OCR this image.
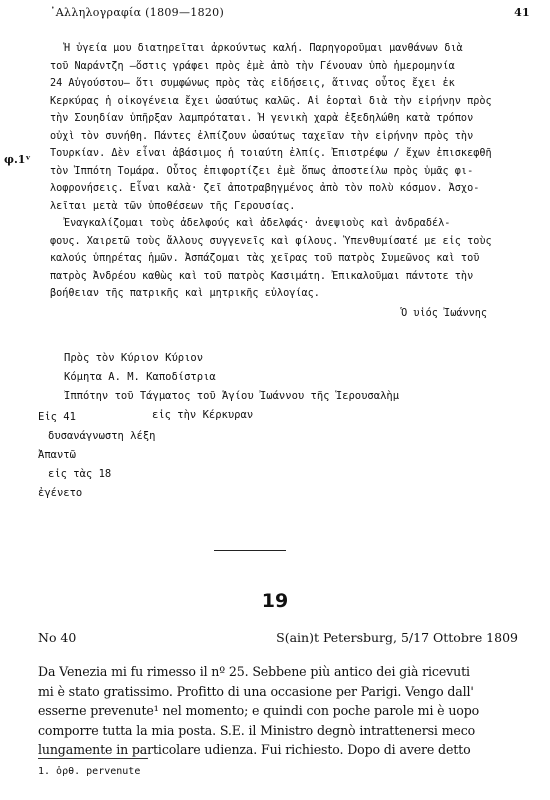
᾿Αλληλογραφία (1809—1820)	41
φ.1ᵛ
Ἡ ὑγεία μου διατηρεῖται ἀρκούντως καλή. Παρηγοροῦμαι μανθάνων διὰ
τοῦ Ναράντζη —ὅστις γράφει πρὸς ἐμὲ ἀπὸ τὴν Γένουαν ὑπὸ ἡμερομηνία
24 Αὐγούστου— ὅτι συμφώνως πρὸς τὰς εἰδήσεις, ἅτινας οὗτος ἔχει ἐκ
Κερκύρας ἡ οἰκογένεια ἔχει ὡσαύτως καλῶς. Αἱ ἑορταὶ διὰ τὴν εἰρήνην πρὸς
τὴν Σουηδίαν ὑπῆρξαν λαμπρόταται. Ἡ γενικὴ χαρὰ ἐξεδηλώθη κατὰ τρόπον
οὐχὶ τὸν συνήθη. Πάντες ἐλπίζουν ὡσαύτως ταχεῖαν τὴν εἰρήνην πρὸς τὴν
Τουρκίαν. Δὲν εἶναι ἀβάσιμος ἡ τοιαύτη ἐλπίς. Ἐπιστρέφω / ἔχων ἐπισκεφθῆ
τὸν Ἱππότη Τομάρα. Οὗτος ἐπιφορτίζει ἐμὲ ὅπως ἀποστείλω πρὸς ὑμᾶς φι-
λοφρονήσεις. Εἶναι καλὰ· ζεῖ ἀποτραβηγμένος ἀπὸ τὸν πολὺ κόσμον. Ἀσχο-
λεῖται μετὰ τῶν ὑποθέσεων τῆς Γερουσίας.
Ἐναγκαλίζομαι τοὺς ἀδελφούς καὶ ἀδελφάς· ἀνεψιοὺς καὶ ἀνδραδέλ-
φους. Χαιρετῶ τοὺς ἄλλους συγγενεῖς καὶ φίλους. Ὑπενθυμίσατέ με εἰς τοὺς
καλούς ὑπηρέτας ἡμῶν. Ἀσπάζομαι τὰς χεῖρας τοῦ πατρὸς Συμεῶνος καὶ τοῦ
πατρὸς Ἀνδρέου καθὼς καὶ τοῦ πατρὸς Κασιμάτη. Ἐπικαλοῦμαι πάντοτε τὴν
βοήθειαν τῆς πατρικῆς καὶ μητρικῆς εὐλογίας.
Ὁ υἱός Ἰωάννης
Πρὸς τὸν Κύριον Κύριον
Κόμητα Α. Μ. Καποδίστρια
Ἱππότην τοῦ Τάγματος τοῦ Ἁγίου Ἰωάννου τῆς Ἱερουσαλὴμ
εἰς τὴν Κέρκυραν
Εἰς 41
δυσανάγνωστη λέξη
Ἀπαντῶ
εἰς τὰς 18
ἐγένετο
19
No 40	S(ain)t Petersburg, 5/17 Ottobre 1809
Da Venezia mi fu rimesso il nº 25. Sebbene più antico dei già ricevuti
mi è stato gratissimo. Profitto di una occasione per Parigi. Vengo dall'
esserne prevenute¹ nel momento; e quindi con poche parole mi è uopo
comporre tutta la mia posta. S.E. il Ministro degnò intrattenersi meco
lungamente in particolare udienza. Fui richiesto. Dopo di avere detto
1. ὀρθ. pervenute
